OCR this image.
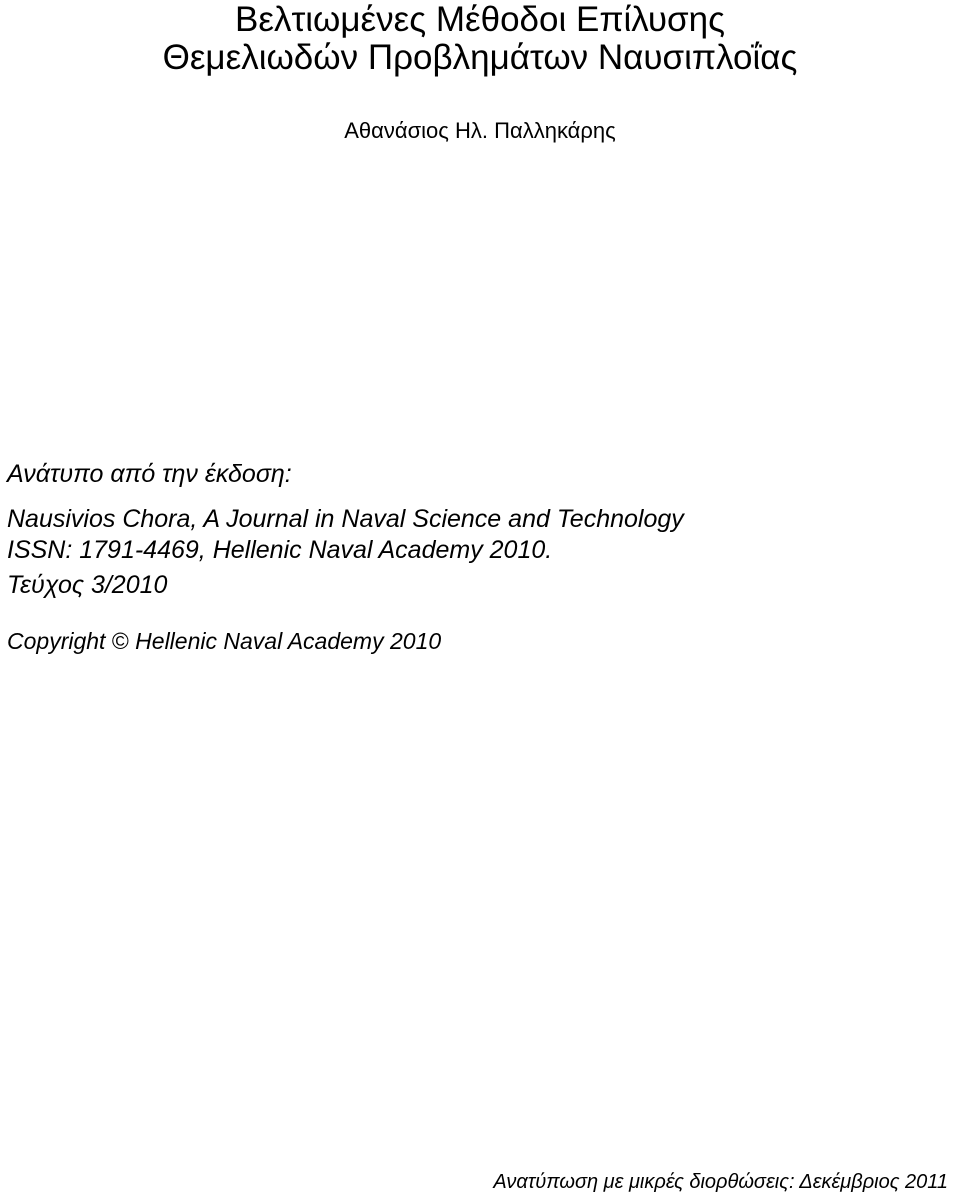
Βελτιωμένες Μέθοδοι Επίλυσης
Θεμελιωδών Προβλημάτων Ναυσιπλοΐας
Αθανάσιος Ηλ. Παλληκάρης
Ανάτυπο από την έκδοση:
Nausivios Chora, A Journal in Naval Science and Technology
ISSN: 1791-4469, Hellenic Naval Academy 2010.
Τεύχος 3/2010
Copyright © Hellenic Naval Academy 2010
Ανατύπωση με μικρές διορθώσεις: Δεκέμβριος 2011
